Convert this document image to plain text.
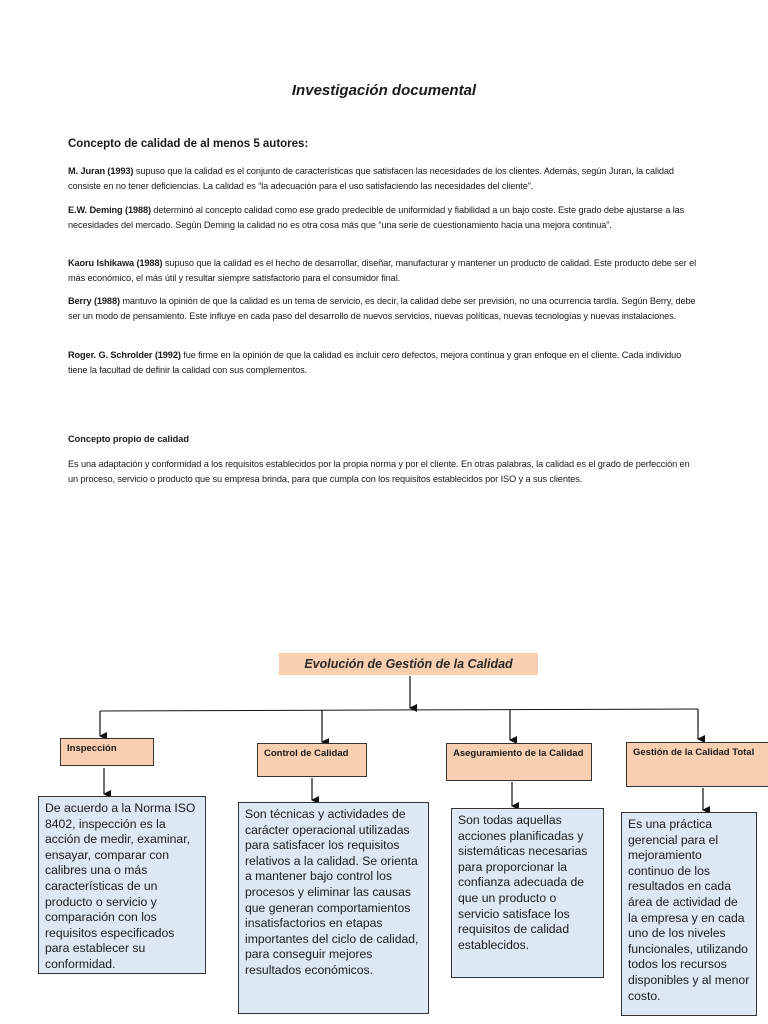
Investigación documental
Concepto de calidad de al menos 5 autores:
M. Juran (1993) supuso que la calidad es el conjunto de características que satisfacen las necesidades de los clientes. Además, según Juran, la calidad consiste en no tener deficiencias. La calidad es “la adecuación para el uso satisfaciendo las necesidades del cliente”.
E.W. Deming (1988) determinó al concepto calidad como ese grado predecible de uniformidad y fiabilidad a un bajo coste. Este grado debe ajustarse a las necesidades del mercado. Según Deming la calidad no es otra cosa más que “una serie de cuestionamiento hacia una mejora continua”.
Kaoru Ishikawa (1988) supuso que la calidad es el hecho de desarrollar, diseñar, manufacturar y mantener un producto de calidad. Este producto debe ser el más económico, el más útil y resultar siempre satisfactorio para el consumidor final.
Berry (1988) mantuvo la opinión de que la calidad es un tema de servicio, es decir, la calidad debe ser previsión, no una ocurrencia tardía. Según Berry, debe ser un modo de pensamiento. Este influye en cada paso del desarrollo de nuevos servicios, nuevas políticas, nuevas tecnologías y nuevas instalaciones.
Roger. G. Schrolder (1992) fue firme en la opinión de que la calidad es incluir cero defectos, mejora continua y gran enfoque en el cliente. Cada individuo tiene la facultad de definir la calidad con sus complementos.
Concepto propio de calidad
Es una adaptación y conformidad a los requisitos establecidos por la propia norma y por el cliente. En otras palabras, la calidad es el grado de perfección en un proceso, servicio o producto que su empresa brinda, para que cumpla con los requisitos establecidos por ISO y a sus clientes.
Evolución de Gestión de la Calidad
Inspección	Control de Calidad	Aseguramiento de la Calidad	Gestión de la Calidad Total
De acuerdo a la Norma ISO 8402, inspección es la acción de medir, examinar, ensayar, comparar con calibres una o más características de un producto o servicio y comparación con los requisitos especificados para establecer su conformidad.
Son técnicas y actividades de carácter operacional utilizadas para satisfacer los requisitos relativos a la calidad. Se orienta a mantener bajo control los procesos y eliminar las causas que generan comportamientos insatisfactorios en etapas importantes del ciclo de calidad, para conseguir mejores resultados económicos.
Son todas aquellas acciones planificadas y sistemáticas necesarias para proporcionar la confianza adecuada de que un producto o servicio satisface los requisitos de calidad establecidos.
Es una práctica gerencial para el mejoramiento continuo de los resultados en cada área de actividad de la empresa y en cada uno de los niveles funcionales, utilizando todos los recursos disponibles y al menor costo.
